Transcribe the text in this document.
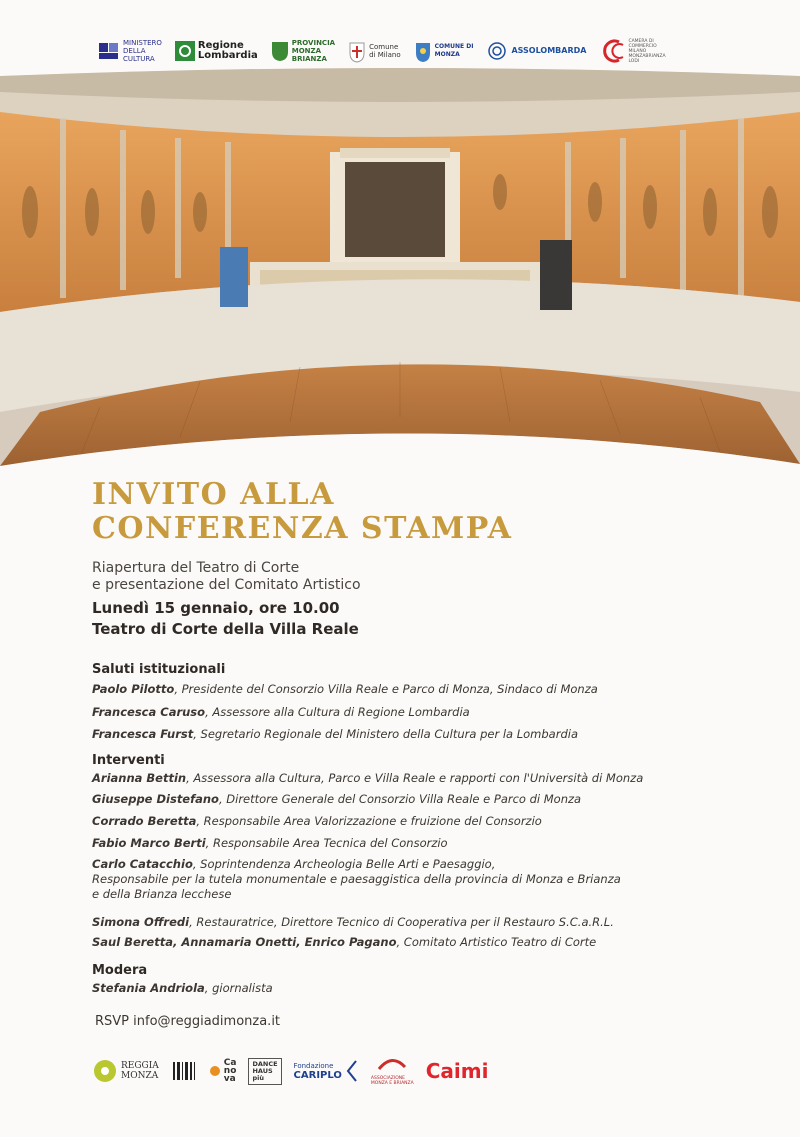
MINISTERO
DELLA
CULTURA
Regione
Lombardia
PROVINCIA
MONZA
BRIANZA
Comune
di Milano
COMUNE DI
MONZA	ASSOLOMBARDA
CAMERA DI
COMMERCIO
MILANO
MONZABRIANZA
LODI
INVITO ALLA
CONFERENZA STAMPA
Riapertura del Teatro di Corte
e presentazione del Comitato Artistico
Lunedì 15 gennaio, ore 10.00
Teatro di Corte della Villa Reale
Saluti istituzionali
Paolo Pilotto, Presidente del Consorzio Villa Reale e Parco di Monza, Sindaco di Monza
Francesca Caruso, Assessore alla Cultura di Regione Lombardia
Francesca Furst, Segretario Regionale del Ministero della Cultura per la Lombardia
Interventi
Arianna Bettin, Assessora alla Cultura, Parco e Villa Reale e rapporti con l'Università di Monza
Giuseppe Distefano, Direttore Generale del Consorzio Villa Reale e Parco di Monza
Corrado Beretta, Responsabile Area Valorizzazione e fruizione del Consorzio
Fabio Marco Berti, Responsabile Area Tecnica del Consorzio
Carlo Catacchio, Soprintendenza Archeologia Belle Arti e Paesaggio,
Responsabile per la tutela monumentale e paesaggistica della provincia di Monza e Brianza
e della Brianza lecchese
Simona Offredi, Restauratrice, Direttore Tecnico di Cooperativa per il Restauro S.C.a.R.L.
Saul Beretta, Annamaria Onetti, Enrico Pagano, Comitato Artistico Teatro di Corte
Modera
Stefania Andriola, giornalista
RSVP info@reggiadimonza.it
REGGIA
MONZA
Ca
no
va
DANCE
HAUS
più
Fondazione
CARIPLO	ASSOCIAZIONE
MONZA E BRIANZA Caimi
